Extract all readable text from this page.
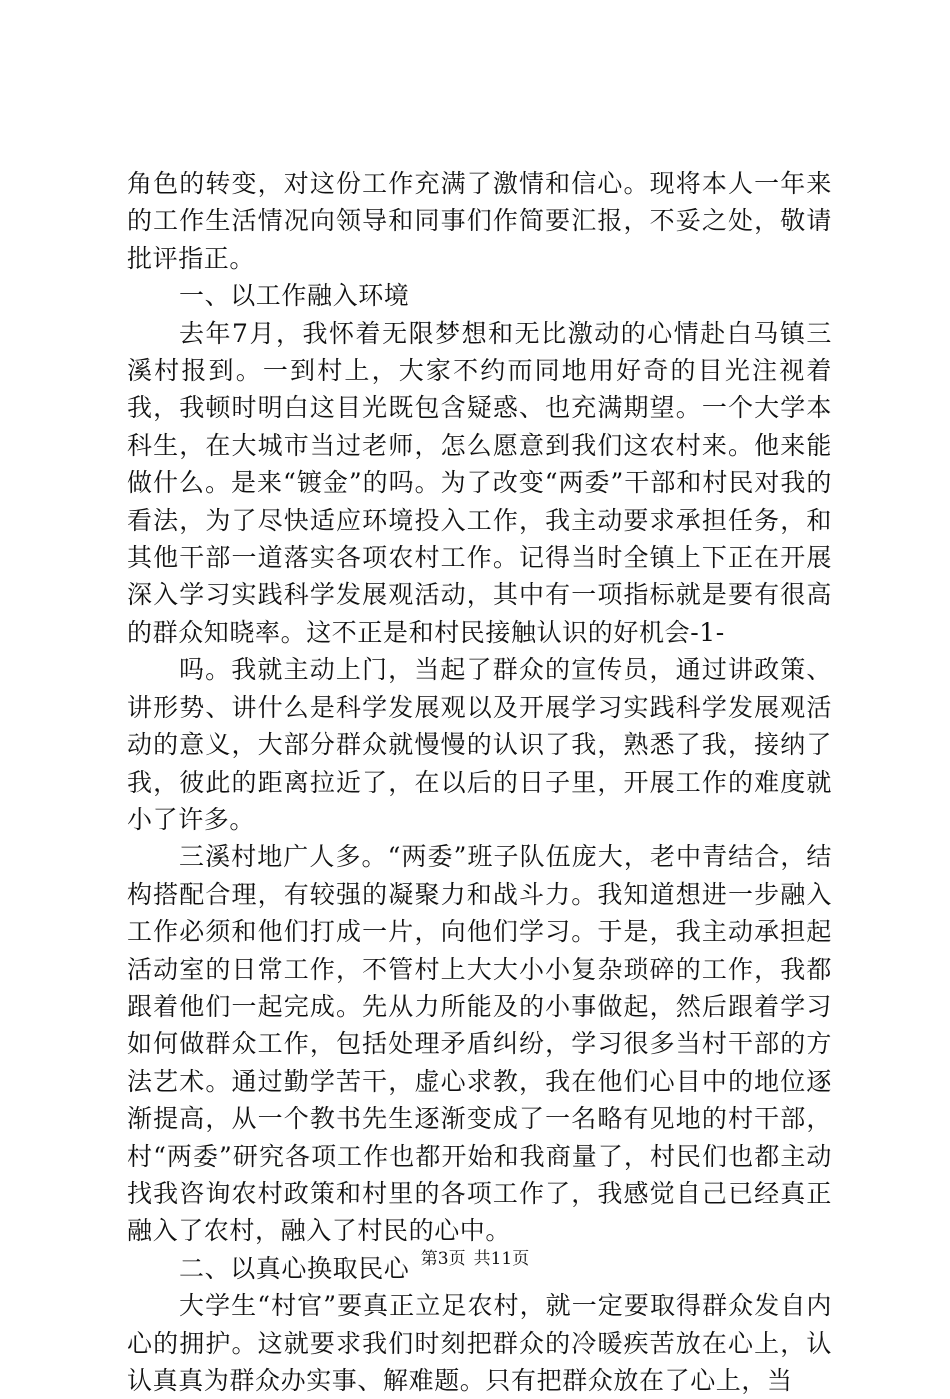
角色的转变，对这份工作充满了激情和信心。现将本人一年来的工作生活情况向领导和同事们作简要汇报，不妥之处，敬请批评指正。

一、以工作融入环境

去年7月，我怀着无限梦想和无比激动的心情赴白马镇三溪村报到。一到村上，大家不约而同地用好奇的目光注视着我，我顿时明白这目光既包含疑惑、也充满期望。一个大学本科生，在大城市当过老师，怎么愿意到我们这农村来。他来能做什么。是来“镀金”的吗。为了改变“两委”干部和村民对我的看法，为了尽快适应环境投入工作，我主动要求承担任务，和其他干部一道落实各项农村工作。记得当时全镇上下正在开展深入学习实践科学发展观活动，其中有一项指标就是要有很高的群众知晓率。这不正是和村民接触认识的好机会-1-

吗。我就主动上门，当起了群众的宣传员，通过讲政策、讲形势、讲什么是科学发展观以及开展学习实践科学发展观活动的意义，大部分群众就慢慢的认识了我，熟悉了我，接纳了我，彼此的距离拉近了，在以后的日子里，开展工作的难度就小了许多。

三溪村地广人多。“两委”班子队伍庞大，老中青结合，结构搭配合理，有较强的凝聚力和战斗力。我知道想进一步融入工作必须和他们打成一片，向他们学习。于是，我主动承担起活动室的日常工作，不管村上大大小小复杂琐碎的工作，我都跟着他们一起完成。先从力所能及的小事做起，然后跟着学习如何做群众工作，包括处理矛盾纠纷，学习很多当村干部的方法艺术。通过勤学苦干，虚心求教，我在他们心目中的地位逐渐提高，从一个教书先生逐渐变成了一名略有见地的村干部，村“两委”研究各项工作也都开始和我商量了，村民们也都主动找我咨询农村政策和村里的各项工作了，我感觉自己已经真正融入了农村，融入了村民的心中。

二、以真心换取民心

大学生“村官”要真正立足农村，就一定要取得群众发自内心的拥护。这就要求我们时刻把群众的冷暖疾苦放在心上，认认真真为群众办实事、解难题。只有把群众放在了心上，当

第3页 共11页
